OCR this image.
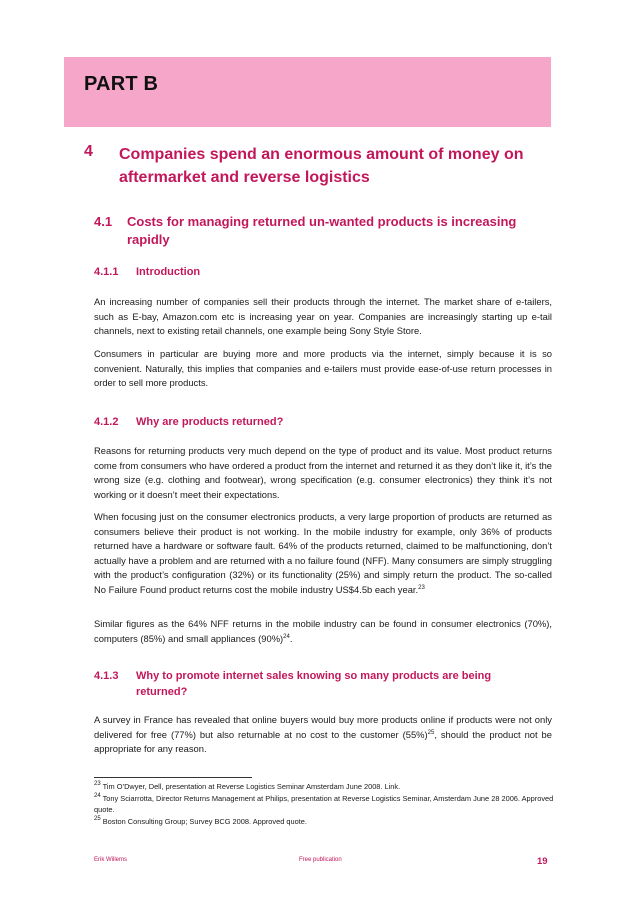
PART B
4 Companies spend an enormous amount of money on aftermarket and reverse logistics
4.1 Costs for managing returned un-wanted products is increasing rapidly
4.1.1 Introduction

An increasing number of companies sell their products through the internet. The market share of e-tailers, such as E-bay, Amazon.com etc is increasing year on year. Companies are increasingly starting up e-tail channels, next to existing retail channels, one example being Sony Style Store.

Consumers in particular are buying more and more products via the internet, simply because it is so convenient. Naturally, this implies that companies and e-tailers must provide ease-of-use return processes in order to sell more products.

4.1.2 Why are products returned?

Reasons for returning products very much depend on the type of product and its value. Most product returns come from consumers who have ordered a product from the internet and returned it as they don’t like it, it’s the wrong size (e.g. clothing and footwear), wrong specification (e.g. consumer electronics) they think it’s not working or it doesn’t meet their expectations.

When focusing just on the consumer electronics products, a very large proportion of products are returned as consumers believe their product is not working. In the mobile industry for example, only 36% of products returned have a hardware or software fault. 64% of the products returned, claimed to be malfunctioning, don’t actually have a problem and are returned with a no failure found (NFF). Many consumers are simply struggling with the product’s configuration (32%) or its functionality (25%) and simply return the product. The so-called No Failure Found product returns cost the mobile industry US$4.5b each year.$^{23}$

Similar figures as the 64% NFF returns in the mobile industry can be found in consumer electronics (70%), computers (85%) and small appliances $(90\%)^{24}$.

4.1.3 Why to promote internet sales knowing so many products are being returned?

A survey in France has revealed that online buyers would buy more products online if products were not only delivered for free (77%) but also returnable at no cost to the customer $(55\%)^{25}$, should the product not be appropriate for any reason.

$^{23}$ Tim O’Dwyer, Dell, presentation at Reverse Logistics Seminar Amsterdam June 2008. Link.
$^{24}$ Tony Sciarrotta, Director Returns Management at Philips, presentation at Reverse Logistics Seminar, Amsterdam June 28 2006. Approved quote.
$^{25}$ Boston Consulting Group; Survey BCG 2008. Approved quote.
Erik Willems	Free publication	19
